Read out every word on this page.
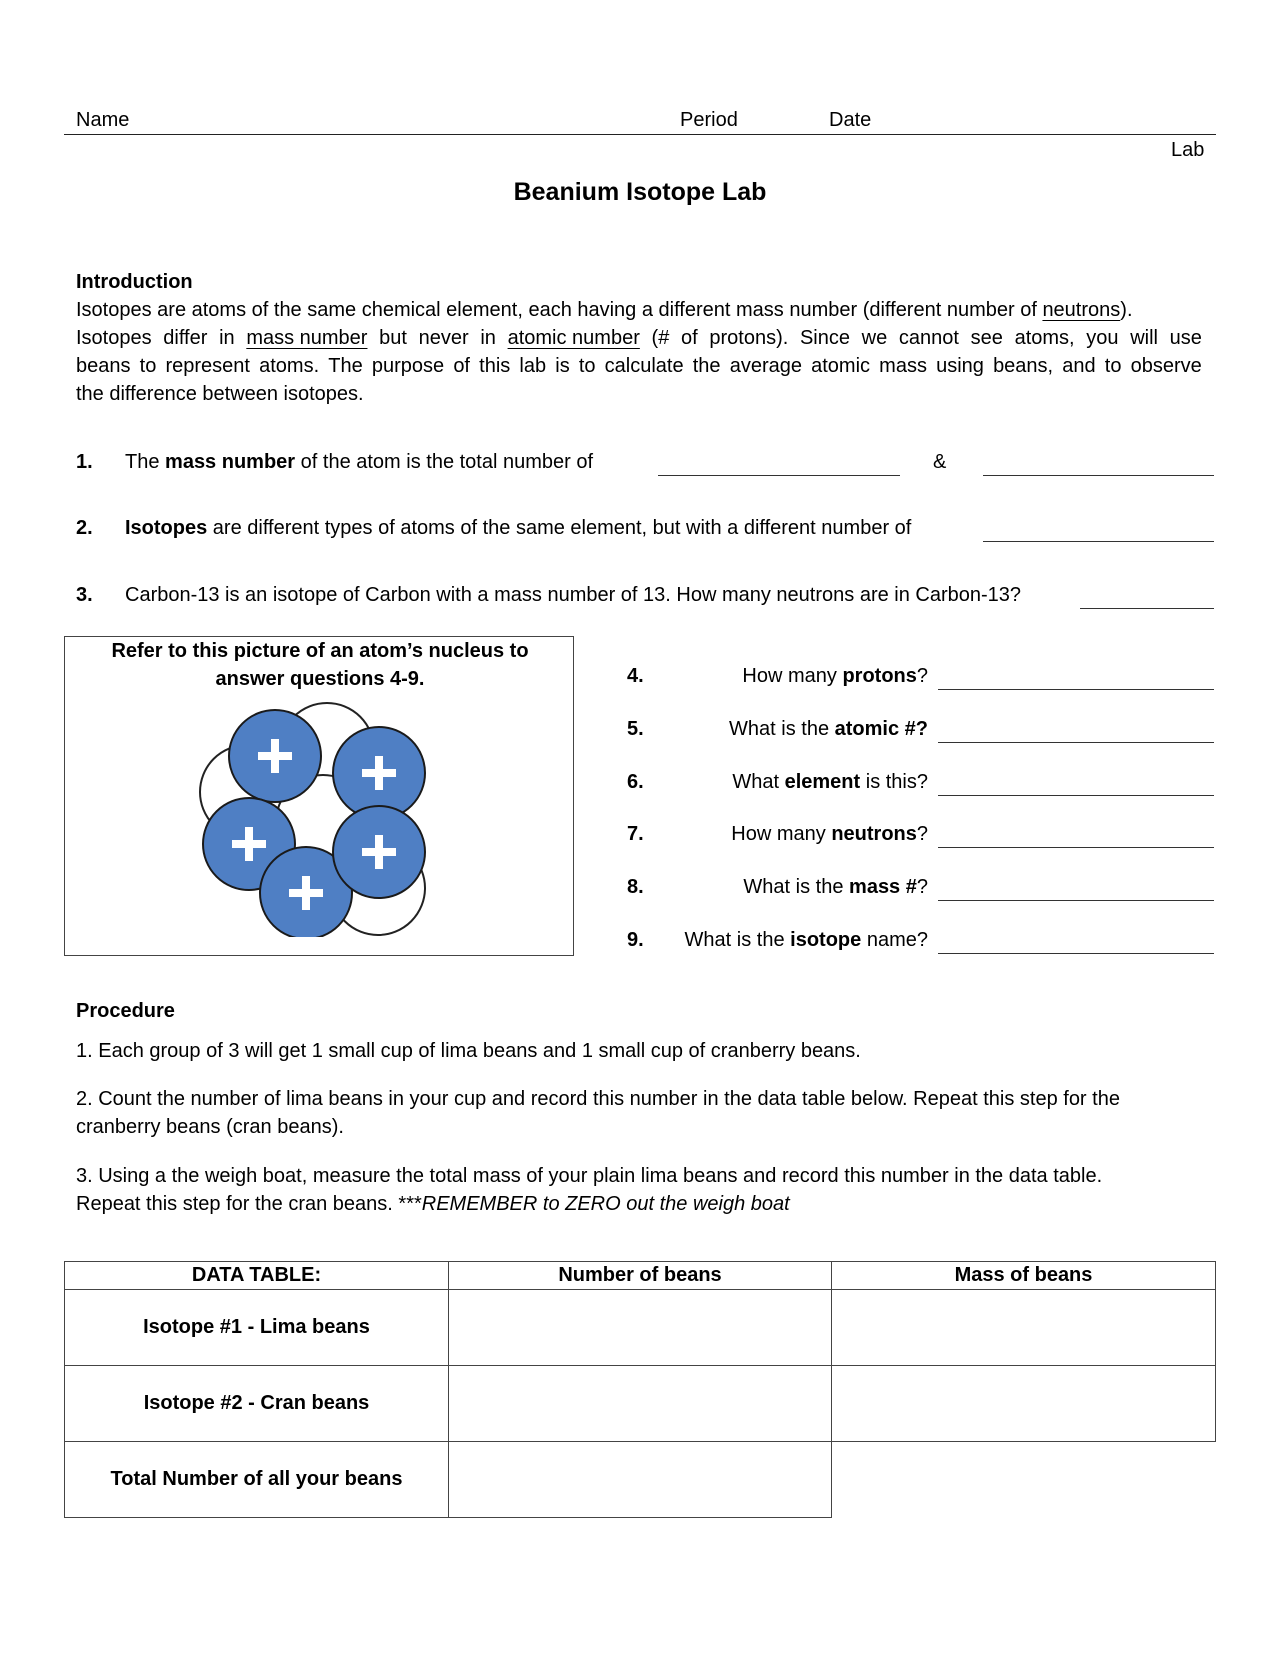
Name	Period	Date
Lab
Beanium Isotope Lab
Introduction
Isotopes are atoms of the same chemical element, each having a different mass number (different number of neutrons).
Isotopes differ in mass number but never in atomic number (# of protons). Since we cannot see atoms, you will use
beans to represent atoms. The purpose of this lab is to calculate the average atomic mass using beans, and to observe
the difference between isotopes.
1. The mass number of the atom is the total number of	&
2. Isotopes are different types of atoms of the same element, but with a different number of
3. Carbon-13 is an isotope of Carbon with a mass number of 13. How many neutrons are in Carbon-13?
Refer to this picture of an atom’s nucleus to
answer questions 4-9.	4.	How many protons?
5.	What is the atomic #?
6.	What element is this?
7.	How many neutrons?
8.	What is the mass #?
9.	What is the isotope name?
Procedure
1. Each group of 3 will get 1 small cup of lima beans and 1 small cup of cranberry beans.
2. Count the number of lima beans in your cup and record this number in the data table below. Repeat this step for the
cranberry beans (cran beans).
3. Using a the weigh boat, measure the total mass of your plain lima beans and record this number in the data table.
Repeat this step for the cran beans. ***REMEMBER to ZERO out the weigh boat
DATA TABLE:	Number of beans	Mass of beans
Isotope #1 - Lima beans		
Isotope #2 - Cran beans		
Total Number of all your beans		
